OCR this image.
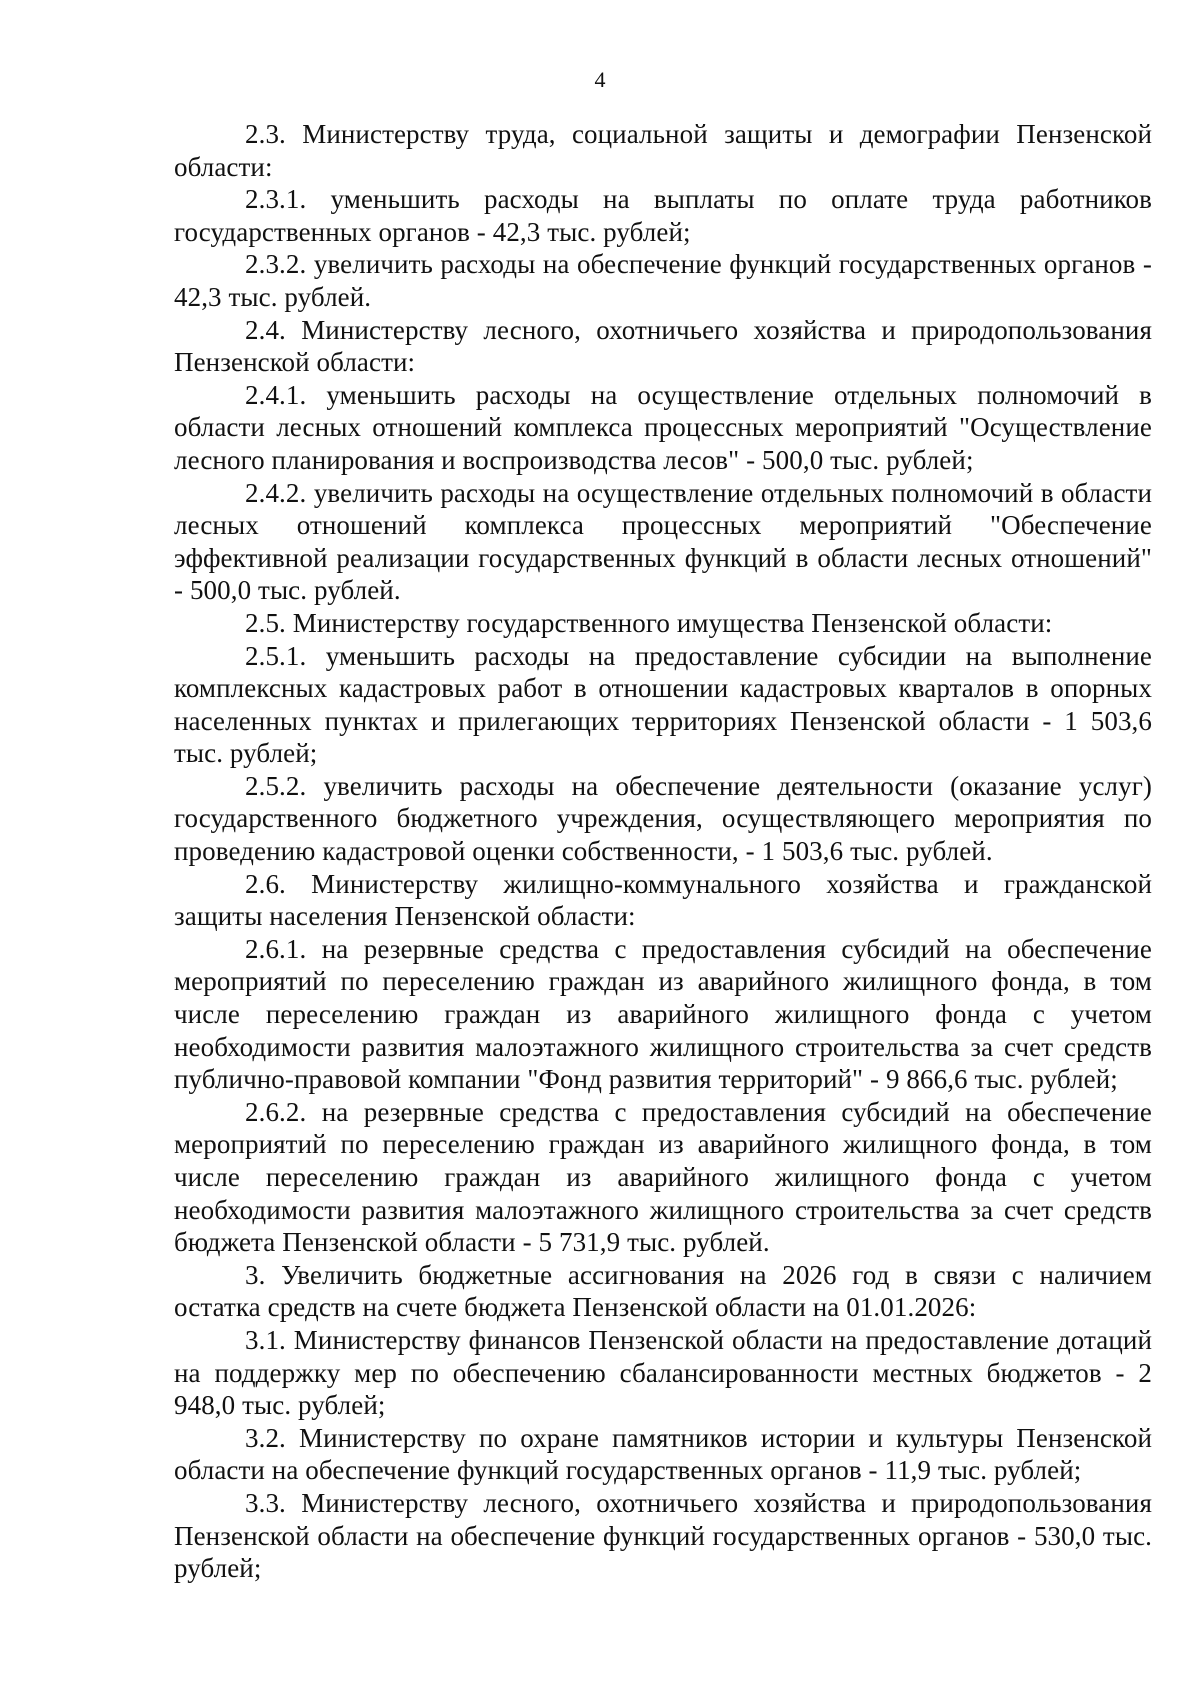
4

2.3. Министерству труда, социальной защиты и демографии Пензенской области:

2.3.1. уменьшить расходы на выплаты по оплате труда работников государственных органов - 42,3 тыс. рублей;

2.3.2. увеличить расходы на обеспечение функций государственных органов - 42,3 тыс. рублей.

2.4. Министерству лесного, охотничьего хозяйства и природопользования Пензенской области:

2.4.1. уменьшить расходы на осуществление отдельных полномочий в области лесных отношений комплекса процессных мероприятий "Осуществление лесного планирования и воспроизводства лесов" - 500,0 тыс. рублей;

2.4.2. увеличить расходы на осуществление отдельных полномочий в области лесных отношений комплекса процессных мероприятий "Обеспечение эффективной реализации государственных функций в области лесных отношений" - 500,0 тыс. рублей.

2.5. Министерству государственного имущества Пензенской области:

2.5.1. уменьшить расходы на предоставление субсидии на выполнение комплексных кадастровых работ в отношении кадастровых кварталов в опорных населенных пунктах и прилегающих территориях Пензенской области - 1 503,6 тыс. рублей;

2.5.2. увеличить расходы на обеспечение деятельности (оказание услуг) государственного бюджетного учреждения, осуществляющего мероприятия по проведению кадастровой оценки собственности, - 1 503,6 тыс. рублей.

2.6. Министерству жилищно-коммунального хозяйства и гражданской защиты населения Пензенской области:

2.6.1. на резервные средства с предоставления субсидий на обеспечение мероприятий по переселению граждан из аварийного жилищного фонда, в том числе переселению граждан из аварийного жилищного фонда с учетом необходимости развития малоэтажного жилищного строительства за счет средств публично-правовой компании "Фонд развития территорий" - 9 866,6 тыс. рублей;

2.6.2. на резервные средства с предоставления субсидий на обеспечение мероприятий по переселению граждан из аварийного жилищного фонда, в том числе переселению граждан из аварийного жилищного фонда с учетом необходимости развития малоэтажного жилищного строительства за счет средств бюджета Пензенской области - 5 731,9 тыс. рублей.

3. Увеличить бюджетные ассигнования на 2026 год в связи с наличием остатка средств на счете бюджета Пензенской области на 01.01.2026:

3.1. Министерству финансов Пензенской области на предоставление дотаций на поддержку мер по обеспечению сбалансированности местных бюджетов - 2 948,0 тыс. рублей;

3.2. Министерству по охране памятников истории и культуры Пензенской области на обеспечение функций государственных органов - 11,9 тыс. рублей;

3.3. Министерству лесного, охотничьего хозяйства и природопользования Пензенской области на обеспечение функций государственных органов - 530,0 тыс. рублей;
